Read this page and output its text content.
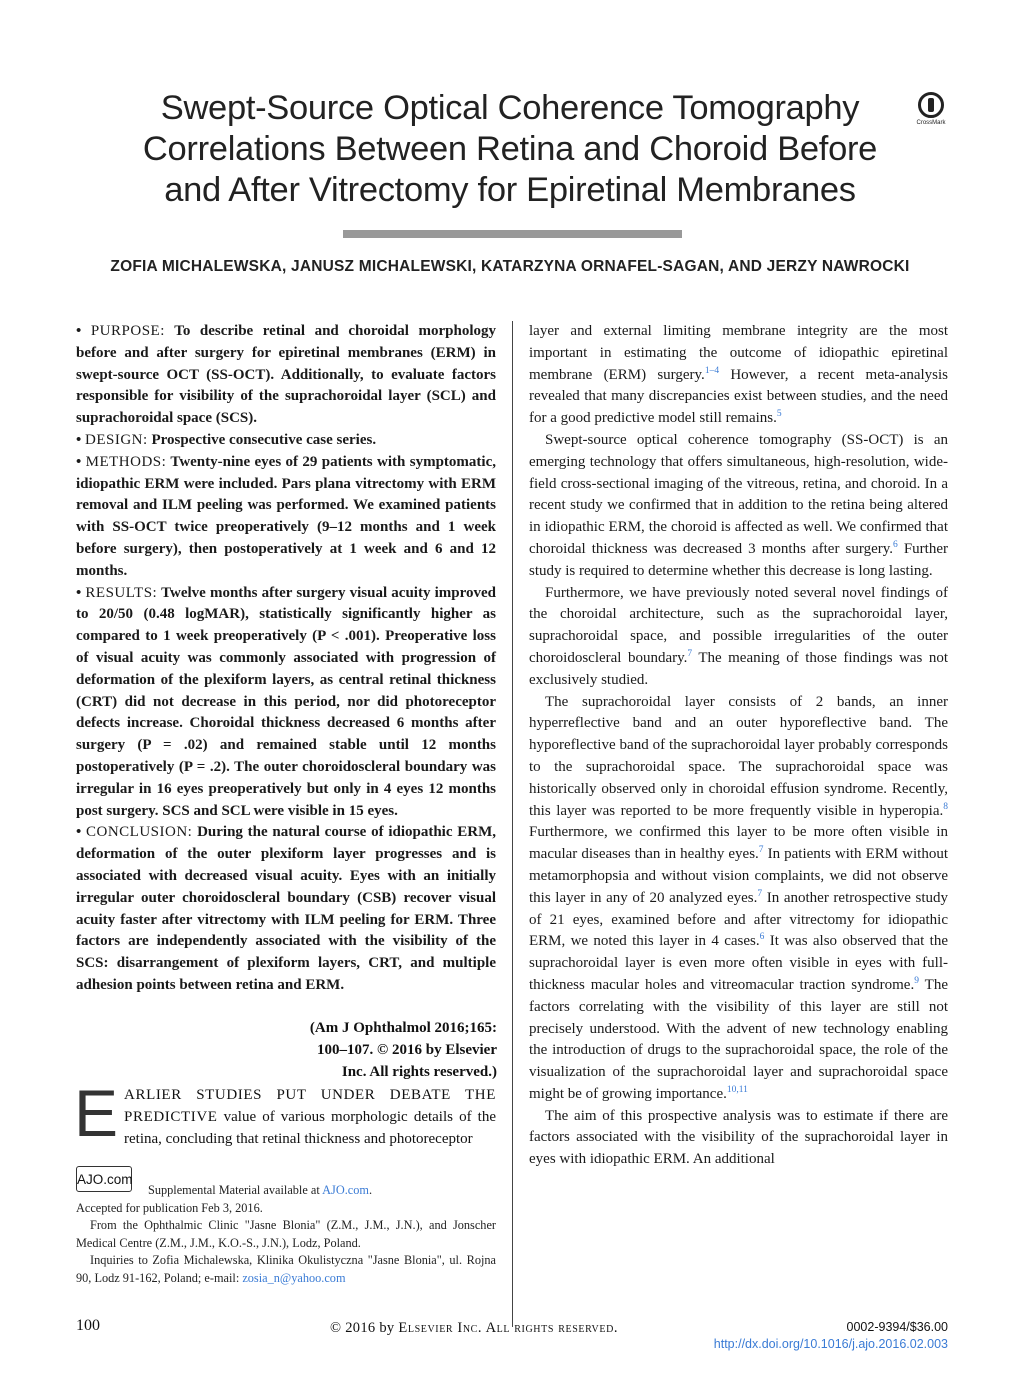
Swept-Source Optical Coherence Tomography
Correlations Between Retina and Choroid Before
and After Vitrectomy for Epiretinal Membranes
CrossMark
ZOFIA MICHALEWSKA, JANUSZ MICHALEWSKI, KATARZYNA ORNAFEL-SAGAN, AND JERZY NAWROCKI

• PURPOSE: To describe retinal and choroidal morphology before and after surgery for epiretinal membranes (ERM) in swept-source OCT (SS-OCT). Additionally, to evaluate factors responsible for visibility of the suprachoroidal layer (SCL) and suprachoroidal space (SCS).

• DESIGN: Prospective consecutive case series.

• METHODS: Twenty-nine eyes of 29 patients with symptomatic, idiopathic ERM were included. Pars plana vitrectomy with ERM removal and ILM peeling was performed. We examined patients with SS-OCT twice preoperatively (9–12 months and 1 week before surgery), then postoperatively at 1 week and 6 and 12 months.

• RESULTS: Twelve months after surgery visual acuity improved to 20/50 (0.48 logMAR), statistically significantly higher as compared to 1 week preoperatively (P < .001). Preoperative loss of visual acuity was commonly associated with progression of deformation of the plexiform layers, as central retinal thickness (CRT) did not decrease in this period, nor did photoreceptor defects increase. Choroidal thickness decreased 6 months after surgery (P = .02) and remained stable until 12 months postoperatively (P = .2). The outer choroidoscleral boundary was irregular in 16 eyes preoperatively but only in 4 eyes 12 months post surgery. SCS and SCL were visible in 15 eyes.

• CONCLUSION: During the natural course of idiopathic ERM, deformation of the outer plexiform layer progresses and is associated with decreased visual acuity. Eyes with an initially irregular outer choroidoscleral boundary (CSB) recover visual acuity faster after vitrectomy with ILM peeling for ERM. Three factors are independently associated with the visibility of the SCS: disarrangement of plexiform layers, CRT, and multiple adhesion points between retina and ERM.

(Am J Ophthalmol 2016;165:
100–107. © 2016 by Elsevier Inc. All rights reserved.)
E ARLIER STUDIES PUT UNDER DEBATE THE PREDICTIVE value of various morphologic details of the retina, concluding that retinal thickness and photoreceptor

AJO.com

Supplemental Material available at AJO.com.

Accepted for publication Feb 3, 2016.

From the Ophthalmic Clinic "Jasne Blonia" (Z.M., J.M., J.N.), and Jonscher Medical Centre (Z.M., J.M., K.O.-S., J.N.), Lodz, Poland.

Inquiries to Zofia Michalewska, Klinika Okulistyczna "Jasne Blonia", ul. Rojna 90, Lodz 91-162, Poland; e-mail: zosia_n@yahoo.com

layer and external limiting membrane integrity are the most important in estimating the outcome of idiopathic epiretinal membrane (ERM) surgery.$^{1-4}$ However, a recent meta-analysis revealed that many discrepancies exist between studies, and the need for a good predictive model still remains.$^5$

Swept-source optical coherence tomography (SS-OCT) is an emerging technology that offers simultaneous, high-resolution, wide-field cross-sectional imaging of the vitreous, retina, and choroid. In a recent study we confirmed that in addition to the retina being altered in idiopathic ERM, the choroid is affected as well. We confirmed that choroidal thickness was decreased 3 months after surgery.$^6$ Further study is required to determine whether this decrease is long lasting.

Furthermore, we have previously noted several novel findings of the choroidal architecture, such as the suprachoroidal layer, suprachoroidal space, and possible irregularities of the outer choroidoscleral boundary.$^7$ The meaning of those findings was not exclusively studied.

The suprachoroidal layer consists of 2 bands, an inner hyperreflective band and an outer hyporeflective band. The hyporeflective band of the suprachoroidal layer probably corresponds to the suprachoroidal space. The suprachoroidal space was historically observed only in choroidal effusion syndrome. Recently, this layer was reported to be more frequently visible in hyperopia.$^8$ Furthermore, we confirmed this layer to be more often visible in macular diseases than in healthy eyes.$^7$ In patients with ERM without metamorphopsia and without vision complaints, we did not observe this layer in any of 20 analyzed eyes.$^7$ In another retrospective study of 21 eyes, examined before and after vitrectomy for idiopathic ERM, we noted this layer in 4 cases.$^6$ It was also observed that the suprachoroidal layer is even more often visible in eyes with full-thickness macular holes and vitreomacular traction syndrome.$^9$ The factors correlating with the visibility of this layer are still not precisely understood. With the advent of new technology enabling the introduction of drugs to the suprachoroidal space, the role of the visualization of the suprachoroidal layer and suprachoroidal space might be of growing importance.$^{10,11}$

The aim of this prospective analysis was to estimate if there are factors associated with the visibility of the suprachoroidal layer in eyes with idiopathic ERM. An additional

100	© 2016 by Elsevier Inc. All rights reserved.	0002-9394/$36.00
http://dx.doi.org/10.1016/j.ajo.2016.02.003
